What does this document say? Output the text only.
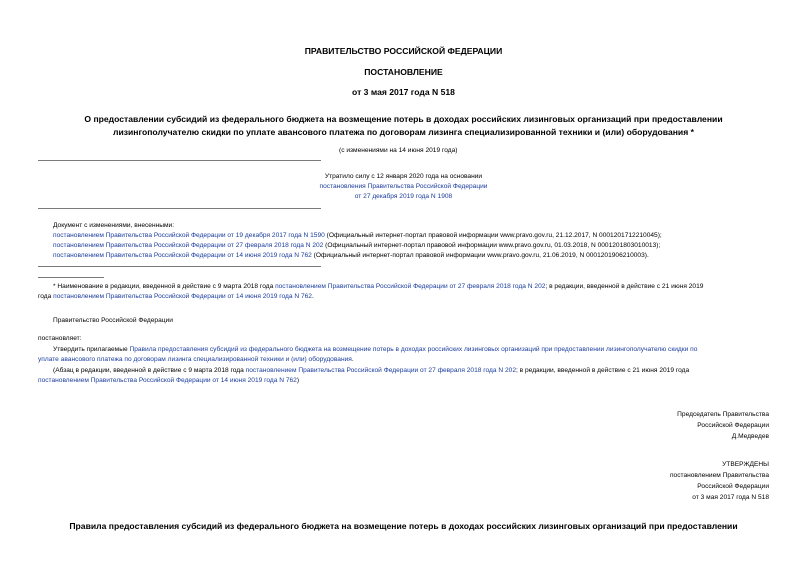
ПРАВИТЕЛЬСТВО РОССИЙСКОЙ ФЕДЕРАЦИИ
ПОСТАНОВЛЕНИЕ
от 3 мая 2017 года N 518
О предоставлении субсидий из федерального бюджета на возмещение потерь в доходах российских лизинговых организаций при предоставлении
лизингополучателю скидки по уплате авансового платежа по договорам лизинга специализированной техники и (или) оборудования *
(с изменениями на 14 июня 2019 года)
Утратило силу с 12 января 2020 года на основании
постановления Правительства Российской Федерации
от 27 декабря 2019 года N 1908
Документ с изменениями, внесенными:
постановлением Правительства Российской Федерации от 19 декабря 2017 года N 1590 (Официальный интернет-портал правовой информации www.pravo.gov.ru, 21.12.2017, N 0001201712210045);
постановлением Правительства Российской Федерации от 27 февраля 2018 года N 202 (Официальный интернет-портал правовой информации www.pravo.gov.ru, 01.03.2018, N 0001201803010013);
постановлением Правительства Российской Федерации от 14 июня 2019 года N 762 (Официальный интернет-портал правовой информации www.pravo.gov.ru, 21.06.2019, N 0001201906210003).
* Наименование в редакции, введенной в действие с 9 марта 2018 года постановлением Правительства Российской Федерации от 27 февраля 2018 года N 202; в редакции, введенной в действие с 21 июня 2019
года постановлением Правительства Российской Федерации от 14 июня 2019 года N 762.
Правительство Российской Федерации
постановляет:
Утвердить прилагаемые Правила предоставления субсидий из федерального бюджета на возмещение потерь в доходах российских лизинговых организаций при предоставлении лизингополучателю скидки по
уплате авансового платежа по договорам лизинга специализированной техники и (или) оборудования.
(Абзац в редакции, введенной в действие с 9 марта 2018 года постановлением Правительства Российской Федерации от 27 февраля 2018 года N 202; в редакции, введенной в действие с 21 июня 2019 года
постановлением Правительства Российской Федерации от 14 июня 2019 года N 762)
Председатель Правительства
Российской Федерации
Д.Медведев
УТВЕРЖДЕНЫ
постановлением Правительства
Российской Федерации
от 3 мая 2017 года N 518
Правила предоставления субсидий из федерального бюджета на возмещение потерь в доходах российских лизинговых организаций при предоставлении
